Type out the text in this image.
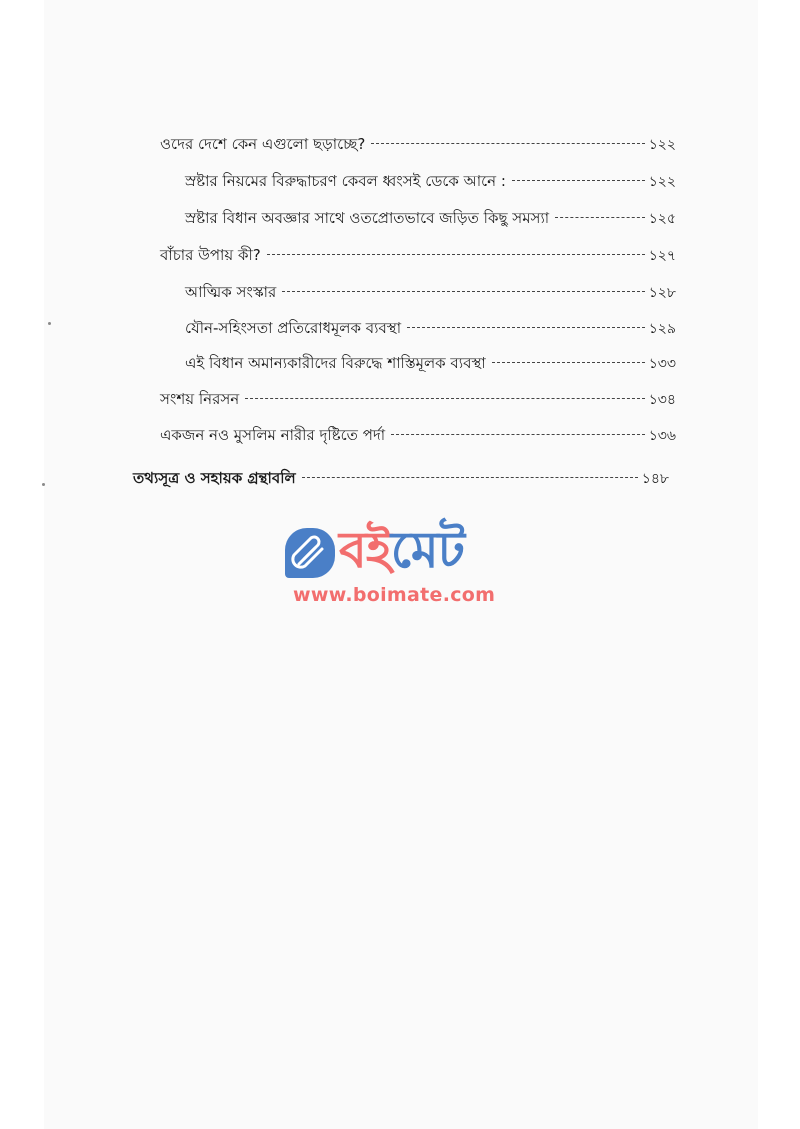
ওদের দেশে কেন এগুলো ছড়াচ্ছে?	১২২
স্রষ্টার নিয়মের বিরুদ্ধাচরণ কেবল ধ্বংসই ডেকে আনে :	১২২
স্রষ্টার বিধান অবজ্ঞার সাথে ওতপ্রোতভাবে জড়িত কিছু সমস্যা	১২৫
বাঁচার উপায় কী?	১২৭
আত্মিক সংস্কার	১২৮
যৌন-সহিংসতা প্রতিরোধমূলক ব্যবস্থা	১২৯
এই বিধান অমান্যকারীদের বিরুদ্ধে শাস্তিমূলক ব্যবস্থা	১৩৩
সংশয় নিরসন	১৩৪
একজন নও মুসলিম নারীর দৃষ্টিতে পর্দা	১৩৬
তথ্যসূত্র ও সহায়ক গ্রন্থাবলি	১৪৮
বইমেট
www.boimate.com
